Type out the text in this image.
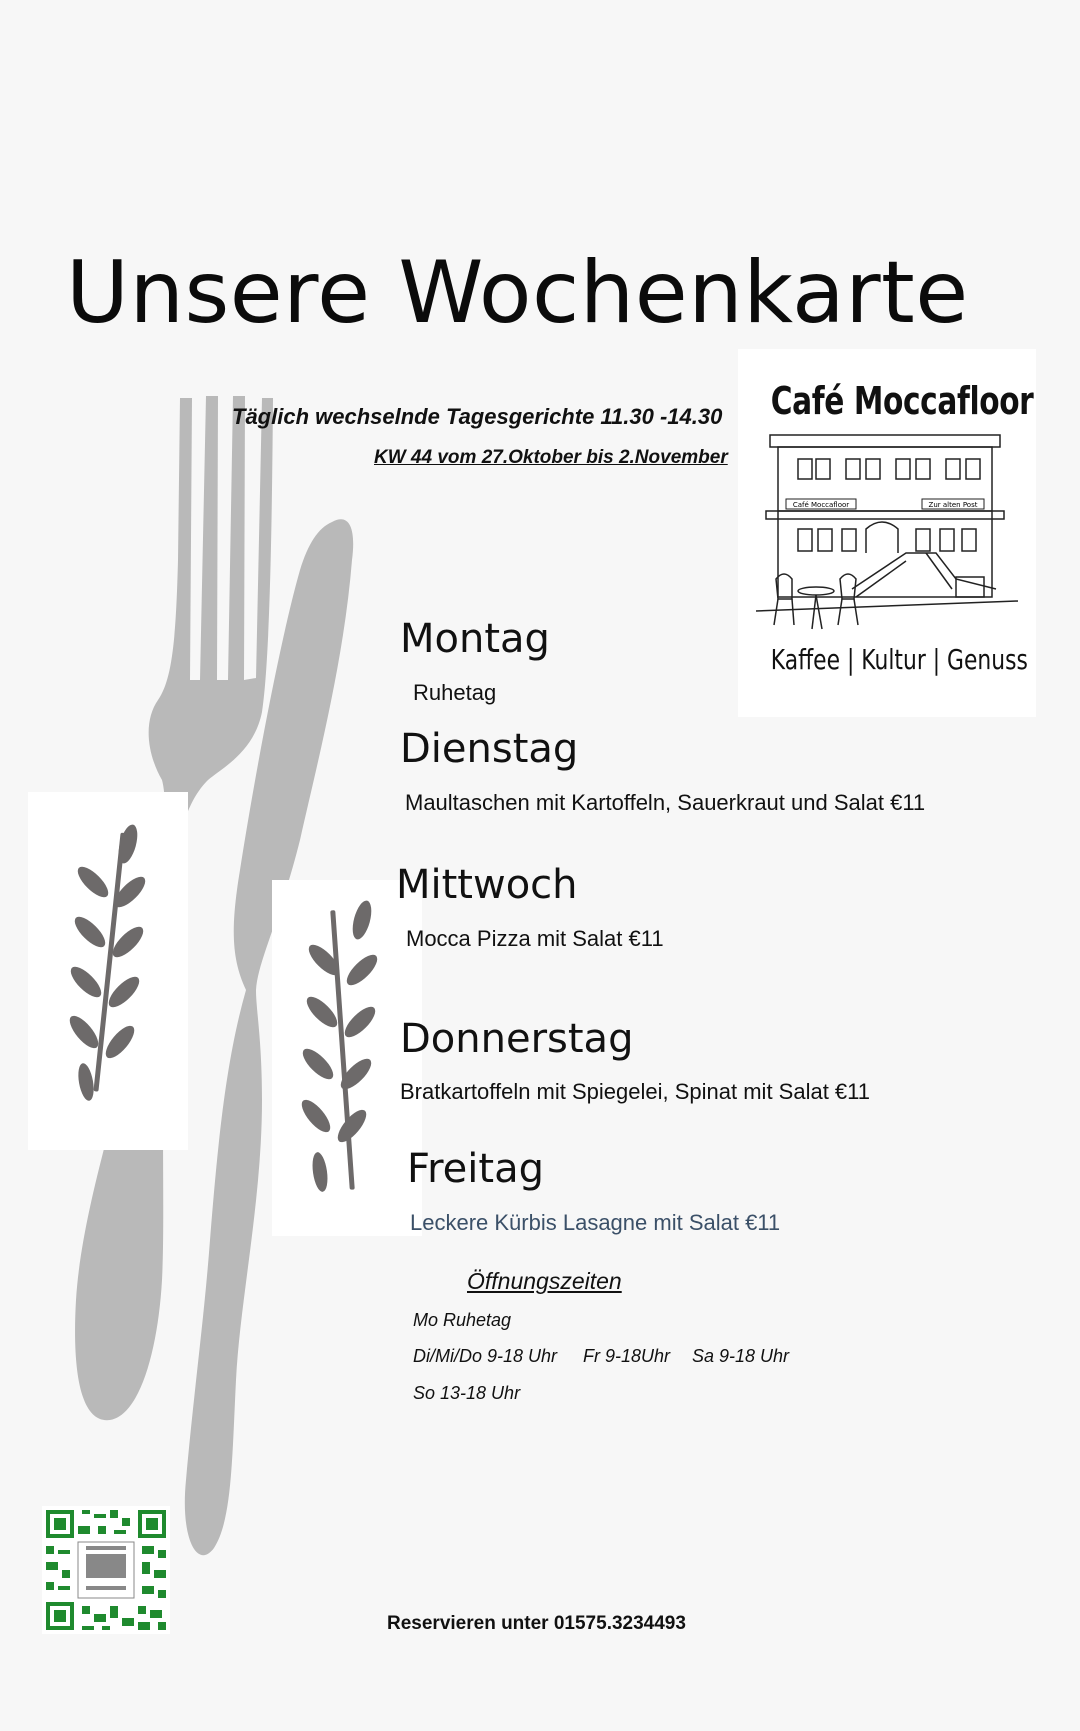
Unsere Wochenkarte
Täglich wechselnde Tagesgerichte 11.30 -14.30
KW 44 vom 27.Oktober bis 2.November
Café Moccafloor
Café Moccafloor	Zur alten Post
Kaffee | Kultur | Genuss
Montag
Ruhetag
Dienstag
Maultaschen mit Kartoffeln, Sauerkraut und Salat €11
Mittwoch
Mocca Pizza mit Salat €11
Donnerstag
Bratkartoffeln mit Spiegelei, Spinat mit Salat €11
Freitag
Leckere Kürbis Lasagne mit Salat €11
Öffnungszeiten
Mo Ruhetag
Di/Mi/Do 9-18 Uhr Fr 9-18Uhr Sa 9-18 Uhr
So 13-18 Uhr
Reservieren unter 01575.3234493
